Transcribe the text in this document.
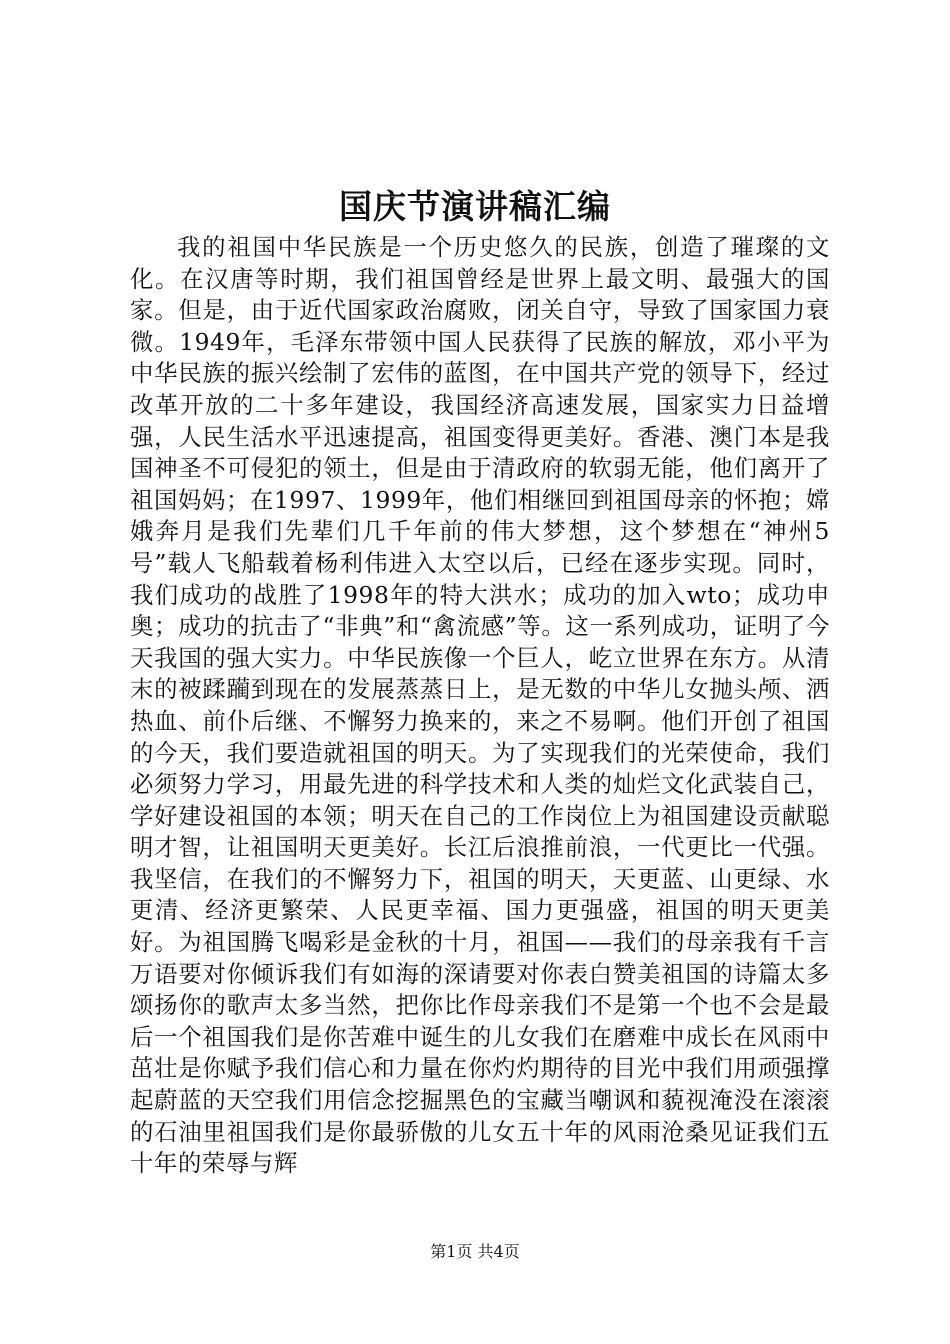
国庆节演讲稿汇编

我的祖国中华民族是一个历史悠久的民族，创造了璀璨的文化。在汉唐等时期，我们祖国曾经是世界上最文明、最强大的国家。但是，由于近代国家政治腐败，闭关自守，导致了国家国力衰微。1949年，毛泽东带领中国人民获得了民族的解放，邓小平为中华民族的振兴绘制了宏伟的蓝图，在中国共产党的领导下，经过改革开放的二十多年建设，我国经济高速发展，国家实力日益增强，人民生活水平迅速提高，祖国变得更美好。香港、澳门本是我国神圣不可侵犯的领土，但是由于清政府的软弱无能，他们离开了祖国妈妈；在1997、1999年，他们相继回到祖国母亲的怀抱；嫦娥奔月是我们先辈们几千年前的伟大梦想，这个梦想在“神州5号”载人飞船载着杨利伟进入太空以后，已经在逐步实现。同时，我们成功的战胜了1998年的特大洪水；成功的加入wto；成功申奥；成功的抗击了“非典”和“禽流感”等。这一系列成功，证明了今天我国的强大实力。中华民族像一个巨人，屹立世界在东方。从清末的被蹂躏到现在的发展蒸蒸日上，是无数的中华儿女抛头颅、洒热血、前仆后继、不懈努力换来的，来之不易啊。他们开创了祖国的今天，我们要造就祖国的明天。为了实现我们的光荣使命，我们必须努力学习，用最先进的科学技术和人类的灿烂文化武装自己，学好建设祖国的本领；明天在自己的工作岗位上为祖国建设贡献聪明才智，让祖国明天更美好。长江后浪推前浪，一代更比一代强。我坚信，在我们的不懈努力下，祖国的明天，天更蓝、山更绿、水更清、经济更繁荣、人民更幸福、国力更强盛，祖国的明天更美好。为祖国腾飞喝彩是金秋的十月，祖国——我们的母亲我有千言万语要对你倾诉我们有如海的深请要对你表白赞美祖国的诗篇太多颂扬你的歌声太多当然，把你比作母亲我们不是第一个也不会是最后一个祖国我们是你苦难中诞生的儿女我们在磨难中成长在风雨中茁壮是你赋予我们信心和力量在你灼灼期待的目光中我们用顽强撑起蔚蓝的天空我们用信念挖掘黑色的宝藏当嘲讽和藐视淹没在滚滚的石油里祖国我们是你最骄傲的儿女五十年的风雨沧桑见证我们五十年的荣辱与辉

第1页 共4页
